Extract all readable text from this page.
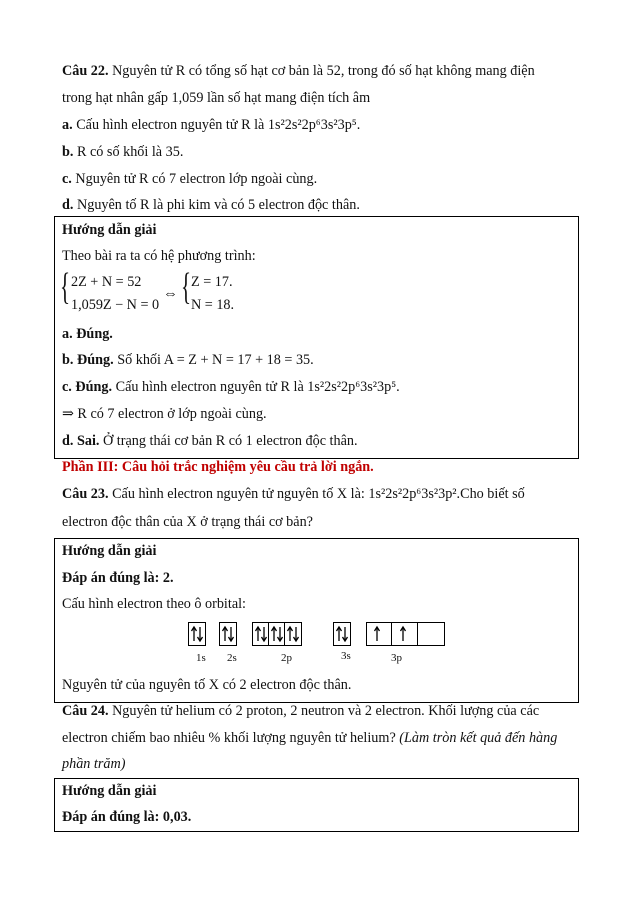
Câu 22. Nguyên tử R có tổng số hạt cơ bản là 52, trong đó số hạt không mang điện
trong hạt nhân gấp 1,059 lần số hạt mang điện tích âm
a. Cấu hình electron nguyên tử R là 1s²2s²2p⁶3s²3p⁵.
b. R có số khối là 35.
c. Nguyên tử R có 7 electron lớp ngoài cùng.
d. Nguyên tố R là phi kim và có 5 electron độc thân.
Hướng dẫn giải
Theo bài ra ta có hệ phương trình:
{ 2Z + N = 52
1,059Z − N = 0
⇔ { Z = 17.
N = 18.
a. Đúng.
b. Đúng. Số khối A = Z + N = 17 + 18 = 35.
c. Đúng. Cấu hình electron nguyên tử R là 1s²2s²2p⁶3s²3p⁵.
⇒ R có 7 electron ở lớp ngoài cùng.
d. Sai. Ở trạng thái cơ bản R có 1 electron độc thân.
Phần III: Câu hỏi trắc nghiệm yêu cầu trả lời ngắn.
Câu 23. Cấu hình electron nguyên tử nguyên tố X là: 1s²2s²2p⁶3s²3p².Cho biết số
electron độc thân của X ở trạng thái cơ bản?
Hướng dẫn giải
Đáp án đúng là: 2.
Cấu hình electron theo ô orbital:
1s 2s	2p	3s	3p
Nguyên tử của nguyên tố X có 2 electron độc thân.
Câu 24. Nguyên tử helium có 2 proton, 2 neutron và 2 electron. Khối lượng của các
electron chiếm bao nhiêu % khối lượng nguyên tử helium? (Làm tròn kết quả đến hàng
phần trăm)
Hướng dẫn giải
Đáp án đúng là: 0,03.
